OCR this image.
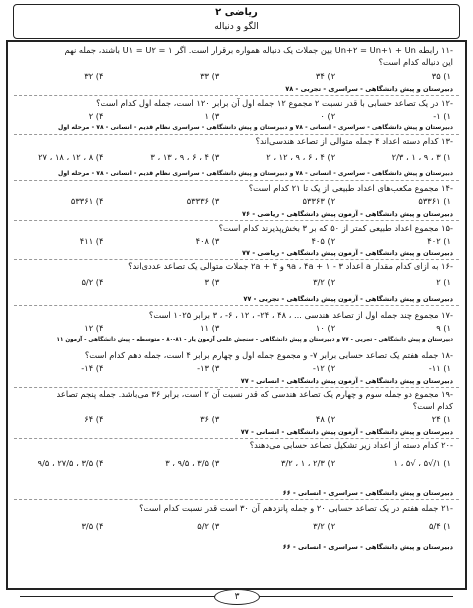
ریاضی ۲
الگو و دنباله
-۱۱ رابطه Un+۲ = Un+۱ + Un بین جملات یک دنباله همواره برقرار است. اگر ۱ = U۱ = U۲ باشند، جمله نهم
این دنباله کدام است؟
۱) ۳۵
۲) ۳۴
۳) ۳۳
۴) ۳۲
دبیرستان و پیش دانشگاهی - سراسری - تجربی - ۷۸
-۱۲ در یک تصاعد حسابی با قدر نسبت ۲ مجموع ۱۲ جمله اول آن برابر ۱۲۰ است، جمله اول کدام است؟
۱) ۱-
۲) ۰
۳) ۱
۴) ۲
دبیرستان و پیش دانشگاهی - سراسری - انسانی - ۷۸ و دبیرستان و پیش دانشگاهی - سراسری نظام قدیم - انسانی - ۷۸ - مرحله اول
-۱۳ کدام دسته اعداد ۴ جمله متوالی از تصاعد هندسی‌اند؟
۱) ۳ ، ۹ ، ۱ ، ۲/۳
۲) ۴ ، ۶ ، ۹ ، ۱۲ ، ۲
۳) ۴ ، ۶ ، ۹ ، ۱۳ ، ۳
۴) ۸ ، ۱۲ ، ۱۸ ، ۲۷
دبیرستان و پیش دانشگاهی - سراسری - انسانی - ۷۸ و دبیرستان و پیش دانشگاهی - سراسری نظام قدیم - انسانی - ۷۸ - مرحله اول
-۱۴ مجموع مکعب‌های اعداد طبیعی از یک تا ۲۱ کدام است؟
۱) ۵۳۳۶۱
۲) ۵۳۳۶۳
۳) ۵۳۳۳۶
۴) ۵۳۳۶۱
دبیرستان و پیش دانشگاهی - آزمون پیش دانشگاهی - ریاضی - ۷۶
-۱۵ مجموع اعداد طبیعی کمتر از ۵۰ که بر ۳ بخش‌پذیرند کدام است؟
۱) ۴۰۲
۲) ۴۰۵
۳) ۴۰۸
۴) ۴۱۱
دبیرستان و پیش دانشگاهی - آزمون پیش دانشگاهی - ریاضی - ۷۷
-۱۶ به ازای کدام مقدار a اعداد ۳ - ۹a ، ۴a + ۱ و ۲a + ۴ جملات متوالی یک تصاعد عددی‌اند؟
۱) ۲
۲) ۳/۲
۳) ۳
۴) ۵/۲
دبیرستان و پیش دانشگاهی - آزمون پیش دانشگاهی - تجربی - ۷۷
-۱۷ مجموع چند جمله اول از تصاعد هندسی ... ، ۴۸ ، ۲۴- ، ۱۲ ، ۶- ، ۳ برابر ۱۰۲۵ است؟
۱) ۹
۲) ۱۰
۳) ۱۱
۴) ۱۲
دبیرستان و پیش دانشگاهی - تجربی - ۷۷ و دبیرستان و پیش دانشگاهی - سنجش علمی آزمون یار - ۸۱-۸۰ - متوسطه - پیش دانشگاهی - آزمون ۱۱
-۱۸ جمله هفتم یک تصاعد حسابی برابر ۷- و مجموع جمله اول و چهارم برابر ۴ است، جمله دهم کدام است؟
۱) ۱۱-
۲) ۱۲-
۳) ۱۳-
۴) ۱۴-
دبیرستان و پیش دانشگاهی - آزمون پیش دانشگاهی - انسانی - ۷۷
-۱۹ مجموع دو جمله سوم و چهارم یک تصاعد هندسی که قدر نسبت آن ۲ است، برابر ۳۶ می‌باشد. جمله پنجم تصاعد
کدام است؟
۱) ۲۴
۲) ۴۸
۳) ۳۶
۴) ۶۴
دبیرستان و پیش دانشگاهی - آزمون پیش دانشگاهی - انسانی - ۷۷
-۲۰ کدام دسته از اعداد زیر تشکیل تصاعد حسابی می‌دهند؟
۱) ۱/√۵ ، √۵ ، ۱
۲) ۲/۳ ، ۱ ، ۳/۲
۳) ۳/۵ ، ۹/۵ ، ۳
۴) ۳/۵ ، ۲۷/۵ ، ۹/۵
دبیرستان و پیش دانشگاهی - سراسری - انسانی - ۶۶
-۲۱ جمله هفتم در یک تصاعد حسابی ۲۰ و جمله پانزدهم آن ۳۰ است قدر نسبت کدام است؟
۱) ۵/۴
۲) ۳/۲
۳) ۵/۲
۴) ۳/۵
دبیرستان و پیش دانشگاهی - سراسری - انسانی - ۶۶
۳
